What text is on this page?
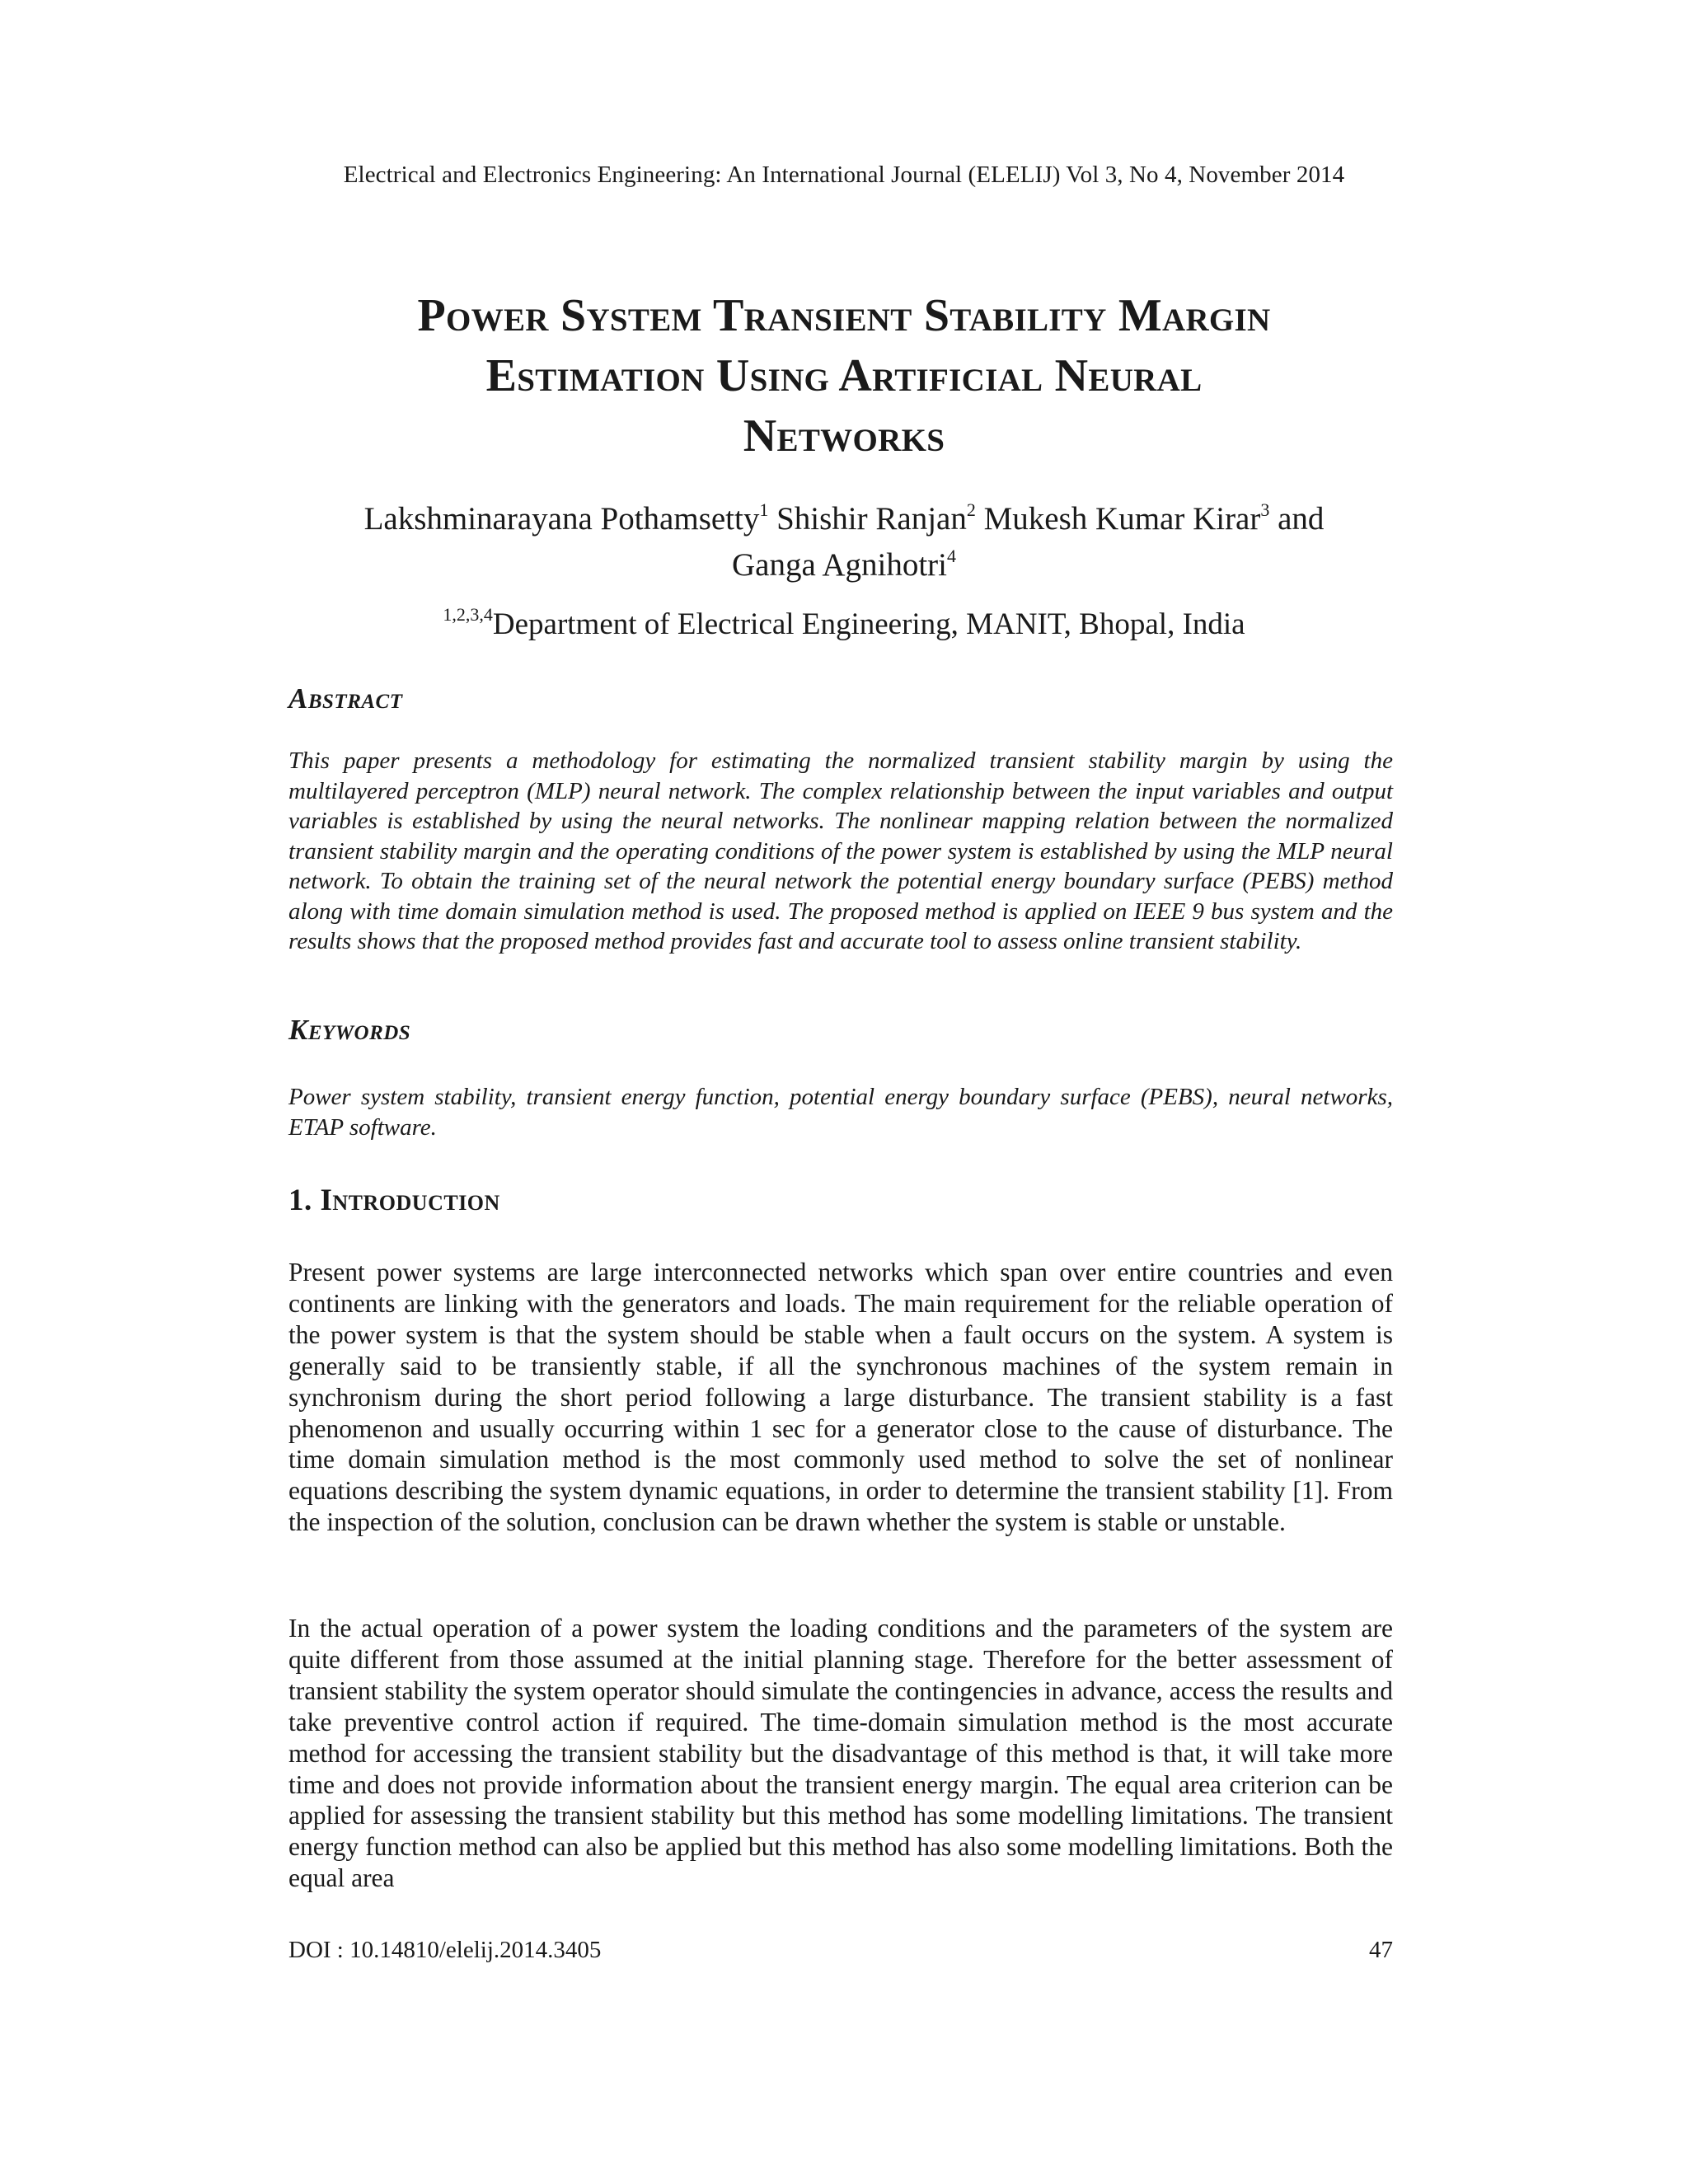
Electrical and Electronics Engineering: An International Journal (ELELIJ) Vol 3, No 4, November 2014
Power System Transient Stability Margin
Estimation Using Artificial Neural
Networks
Lakshminarayana Pothamsetty$^1$ Shishir Ranjan$^2$ Mukesh Kumar Kirar$^3$ and
Ganga Agnihotri$^4$
$^{1,2,3,4}$Department of Electrical Engineering, MANIT, Bhopal, India
Abstract
This paper presents a methodology for estimating the normalized transient stability margin by using the multilayered perceptron (MLP) neural network. The complex relationship between the input variables and output variables is established by using the neural networks. The nonlinear mapping relation between the normalized transient stability margin and the operating conditions of the power system is established by using the MLP neural network. To obtain the training set of the neural network the potential energy boundary surface (PEBS) method along with time domain simulation method is used. The proposed method is applied on IEEE 9 bus system and the results shows that the proposed method provides fast and accurate tool to assess online transient stability.
Keywords
Power system stability, transient energy function, potential energy boundary surface (PEBS), neural networks, ETAP software.
1. Introduction
Present power systems are large interconnected networks which span over entire countries and even continents are linking with the generators and loads. The main requirement for the reliable operation of the power system is that the system should be stable when a fault occurs on the system. A system is generally said to be transiently stable, if all the synchronous machines of the system remain in synchronism during the short period following a large disturbance. The transient stability is a fast phenomenon and usually occurring within 1 sec for a generator close to the cause of disturbance. The time domain simulation method is the most commonly used method to solve the set of nonlinear equations describing the system dynamic equations, in order to determine the transient stability [1]. From the inspection of the solution, conclusion can be drawn whether the system is stable or unstable.
In the actual operation of a power system the loading conditions and the parameters of the system are quite different from those assumed at the initial planning stage. Therefore for the better assessment of transient stability the system operator should simulate the contingencies in advance, access the results and take preventive control action if required. The time-domain simulation method is the most accurate method for accessing the transient stability but the disadvantage of this method is that, it will take more time and does not provide information about the transient energy margin. The equal area criterion can be applied for assessing the transient stability but this method has some modelling limitations. The transient energy function method can also be applied but this method has also some modelling limitations. Both the equal area
DOI : 10.14810/elelij.2014.3405	47
